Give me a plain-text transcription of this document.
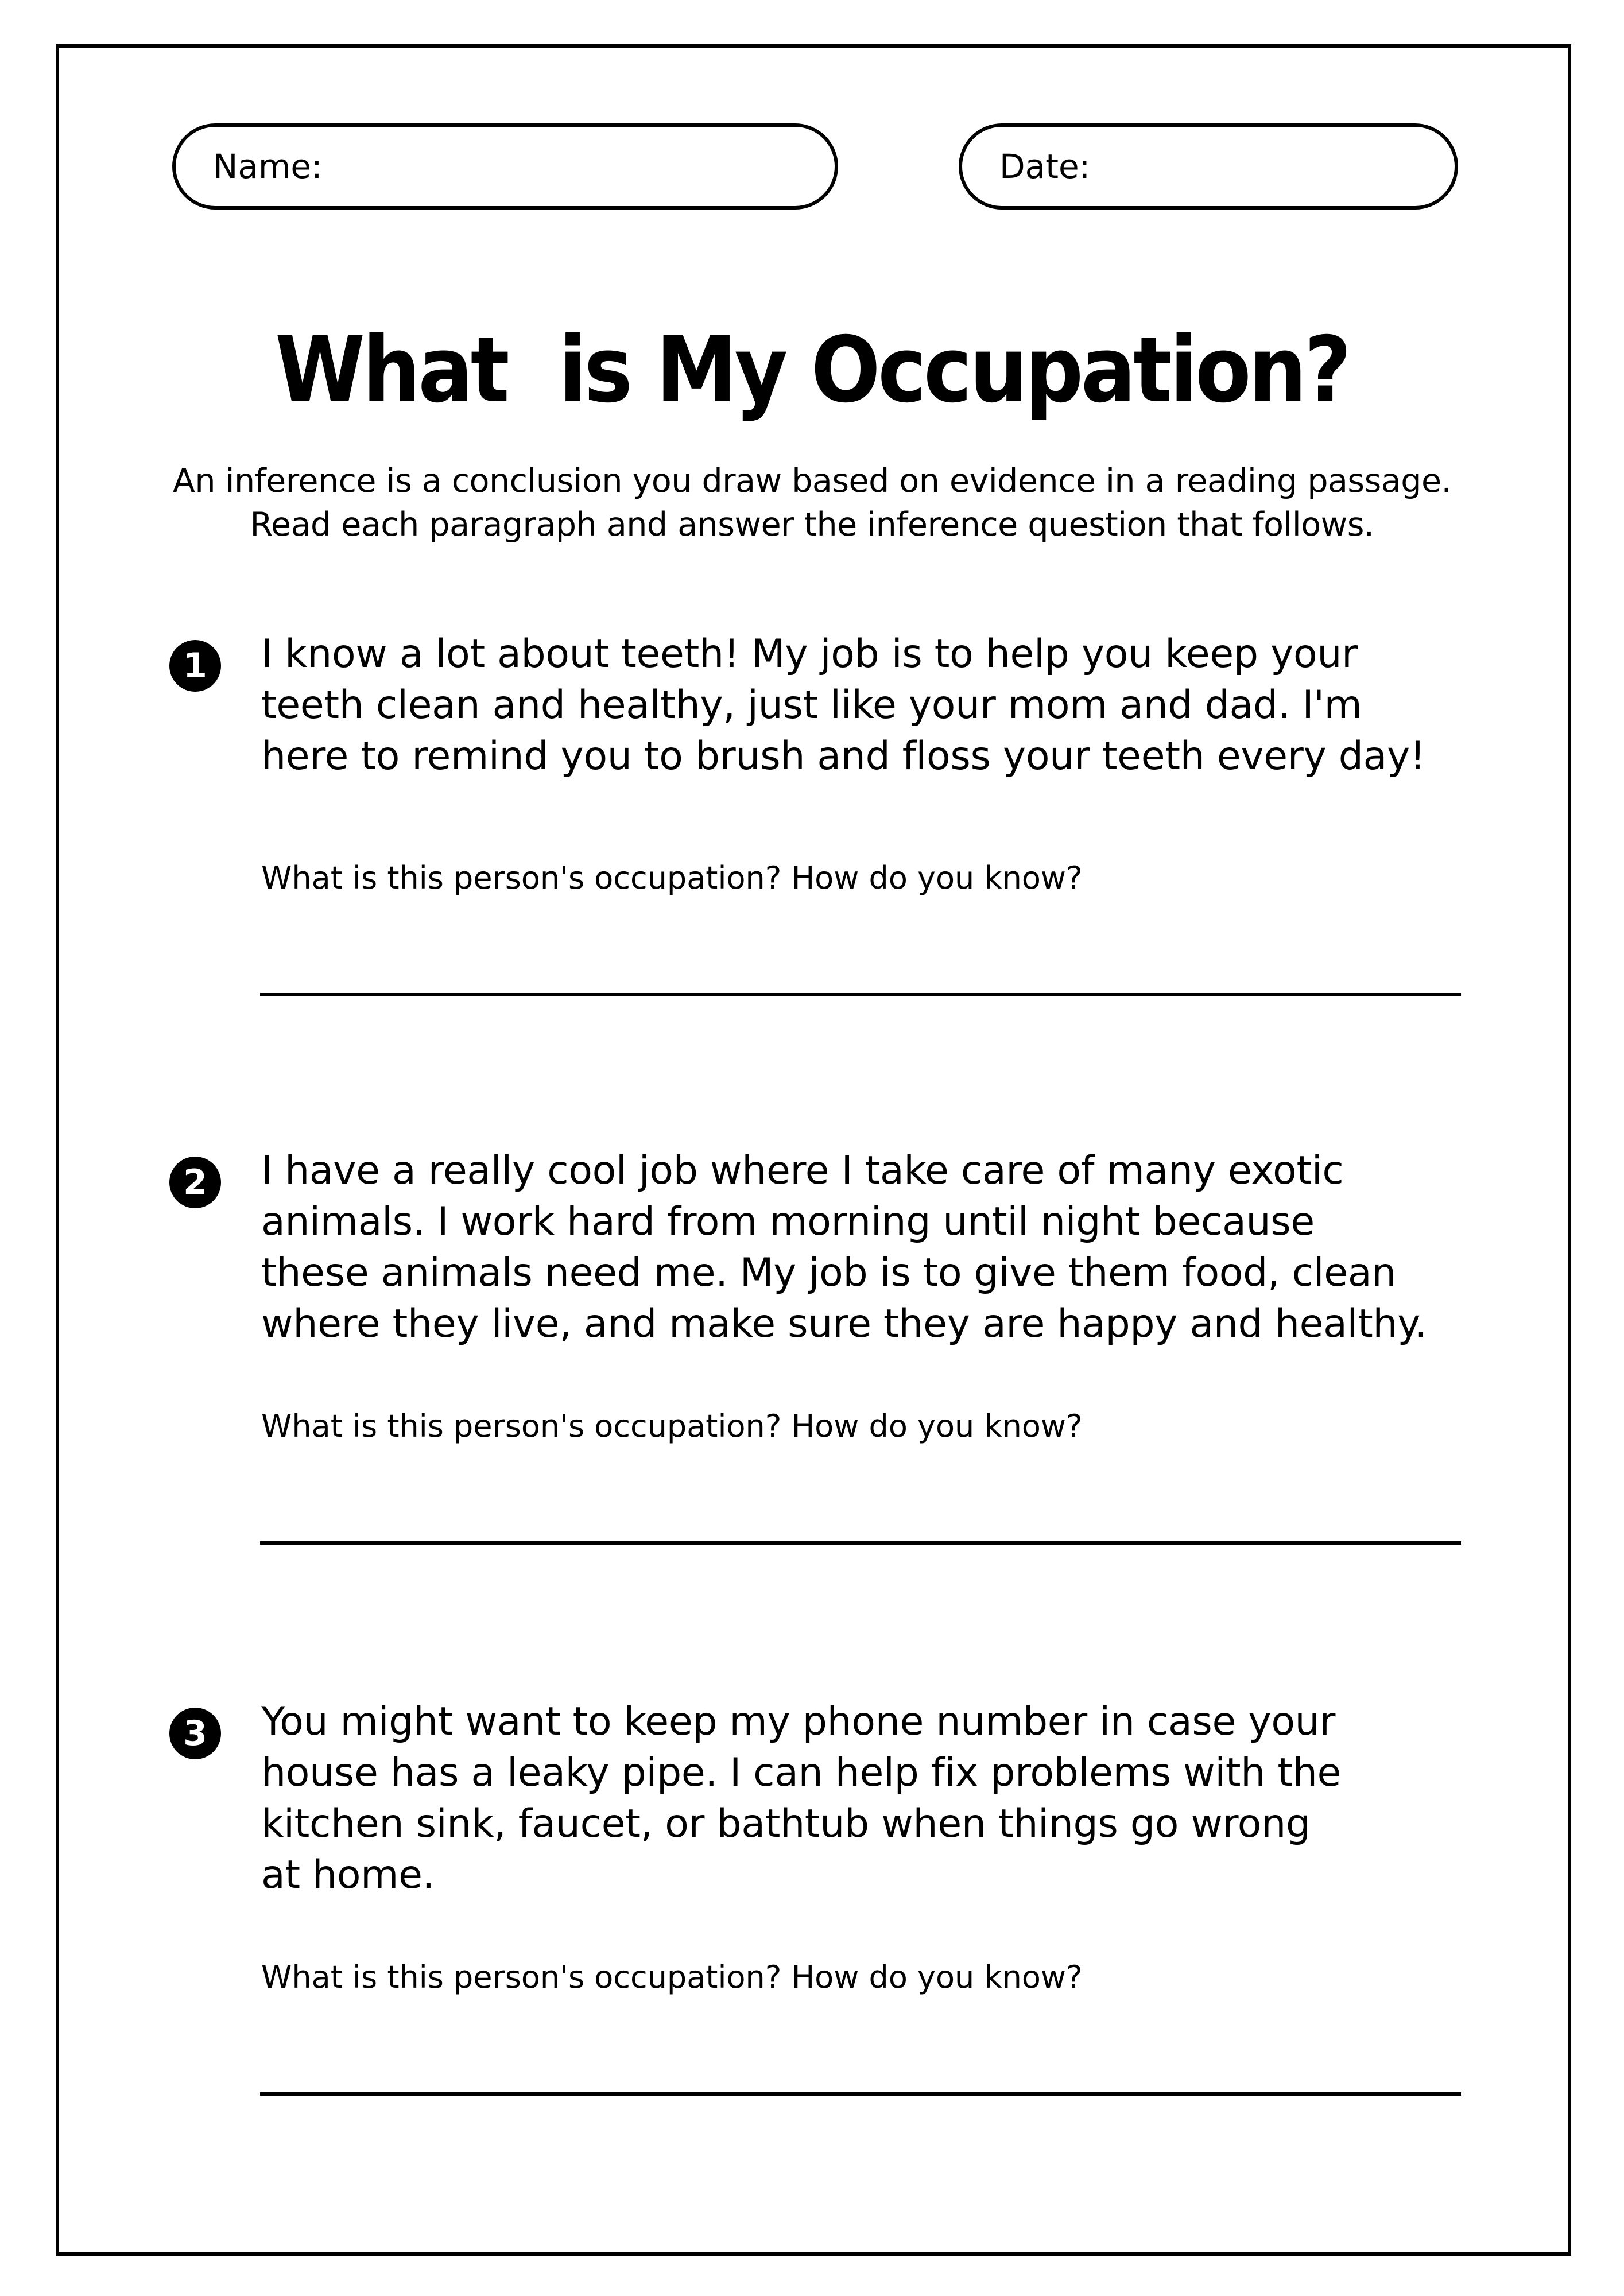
Name:	Date:
What  is My Occupation?
An inference is a conclusion you draw based on evidence in a reading passage.
Read each paragraph and answer the inference question that follows.
1	I know a lot about teeth! My job is to help you keep your
teeth clean and healthy, just like your mom and dad. I'm
here to remind you to brush and floss your teeth every day!
What is this person's occupation? How do you know?
2	I have a really cool job where I take care of many exotic
animals. I work hard from morning until night because
these animals need me. My job is to give them food, clean
where they live, and make sure they are happy and healthy.
What is this person's occupation? How do you know?
3	You might want to keep my phone number in case your
house has a leaky pipe. I can help fix problems with the
kitchen sink, faucet, or bathtub when things go wrong
at home.
What is this person's occupation? How do you know?
